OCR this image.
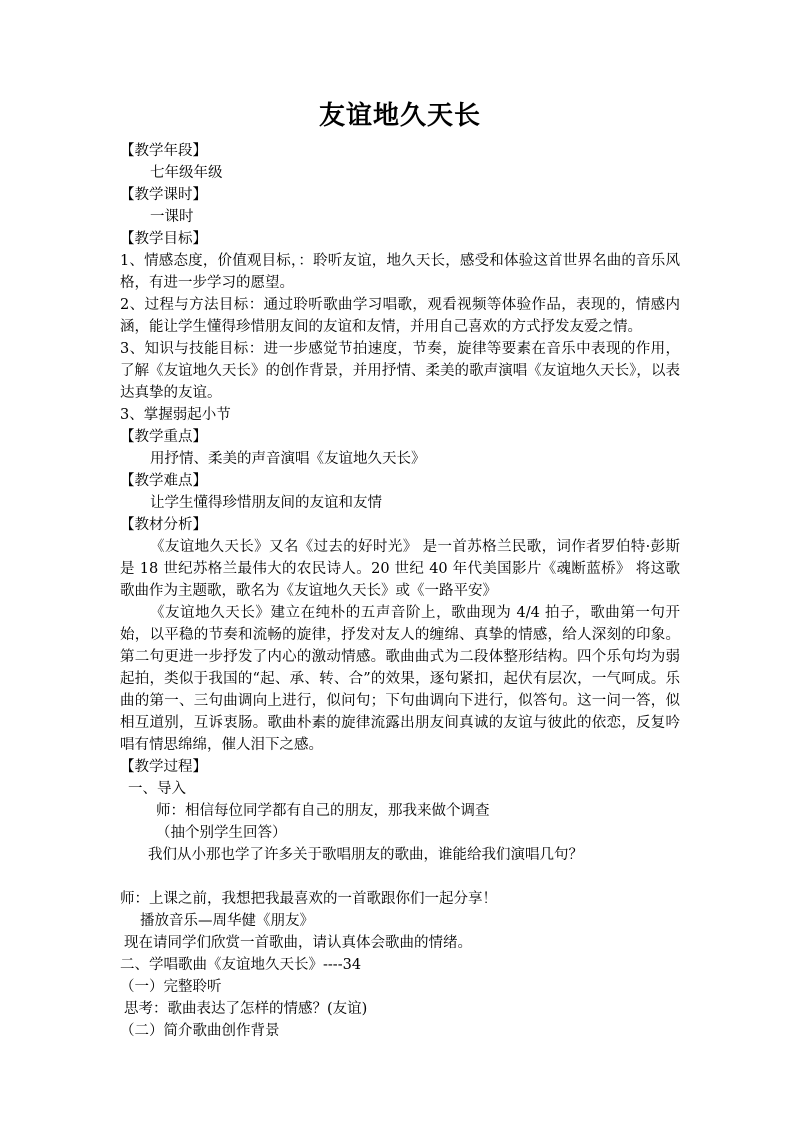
友谊地久天长

【教学年段】

七年级年级

【教学课时】

一课时

【教学目标】

1、情感态度，价值观目标，：聆听友谊，地久天长，感受和体验这首世界名曲的音乐风格，有进一步学习的愿望。

2、过程与方法目标：通过聆听歌曲学习唱歌，观看视频等体验作品，表现的，情感内涵，能让学生懂得珍惜朋友间的友谊和友情，并用自己喜欢的方式抒发友爱之情。

3、知识与技能目标：进一步感觉节拍速度，节奏，旋律等要素在音乐中表现的作用，了解《友谊地久天长》的创作背景，并用抒情、柔美的歌声演唱《友谊地久天长》，以表达真挚的友谊。

3、掌握弱起小节

【教学重点】

用抒情、柔美的声音演唱《友谊地久天长》

【教学难点】

让学生懂得珍惜朋友间的友谊和友情

【教材分析】

《友谊地久天长》又名《过去的好时光》 是一首苏格兰民歌，词作者罗伯特·彭斯是 18 世纪苏格兰最伟大的农民诗人。20 世纪 40 年代美国影片《魂断蓝桥》 将这歌歌曲作为主题歌，歌名为《友谊地久天长》或《一路平安》

《友谊地久天长》建立在纯朴的五声音阶上，歌曲现为 4/4 拍子，歌曲第一句开始，以平稳的节奏和流畅的旋律，抒发对友人的缠绵、真挚的情感，给人深刻的印象。第二句更进一步抒发了内心的激动情感。歌曲曲式为二段体整形结构。四个乐句均为弱起拍，类似于我国的“起、承、转、合”的效果，逐句紧扣，起伏有层次，一气呵成。乐曲的第一、三句曲调向上进行，似问句；下句曲调向下进行，似答句。这一问一答，似相互道别，互诉衷肠。歌曲朴素的旋律流露出朋友间真诚的友谊与彼此的依恋，反复吟唱有情思绵绵，催人泪下之感。

【教学过程】

一、导入

师：相信每位同学都有自己的朋友，那我来做个调查

（抽个别学生回答）

我们从小那也学了许多关于歌唱朋友的歌曲，谁能给我们演唱几句？

师：上课之前，我想把我最喜欢的一首歌跟你们一起分享！

播放音乐—周华健《朋友》

现在请同学们欣赏一首歌曲，请认真体会歌曲的情绪。

二、学唱歌曲《友谊地久天长》----34

（一）完整聆听

思考：歌曲表达了怎样的情感？(友谊)

（二）简介歌曲创作背景
